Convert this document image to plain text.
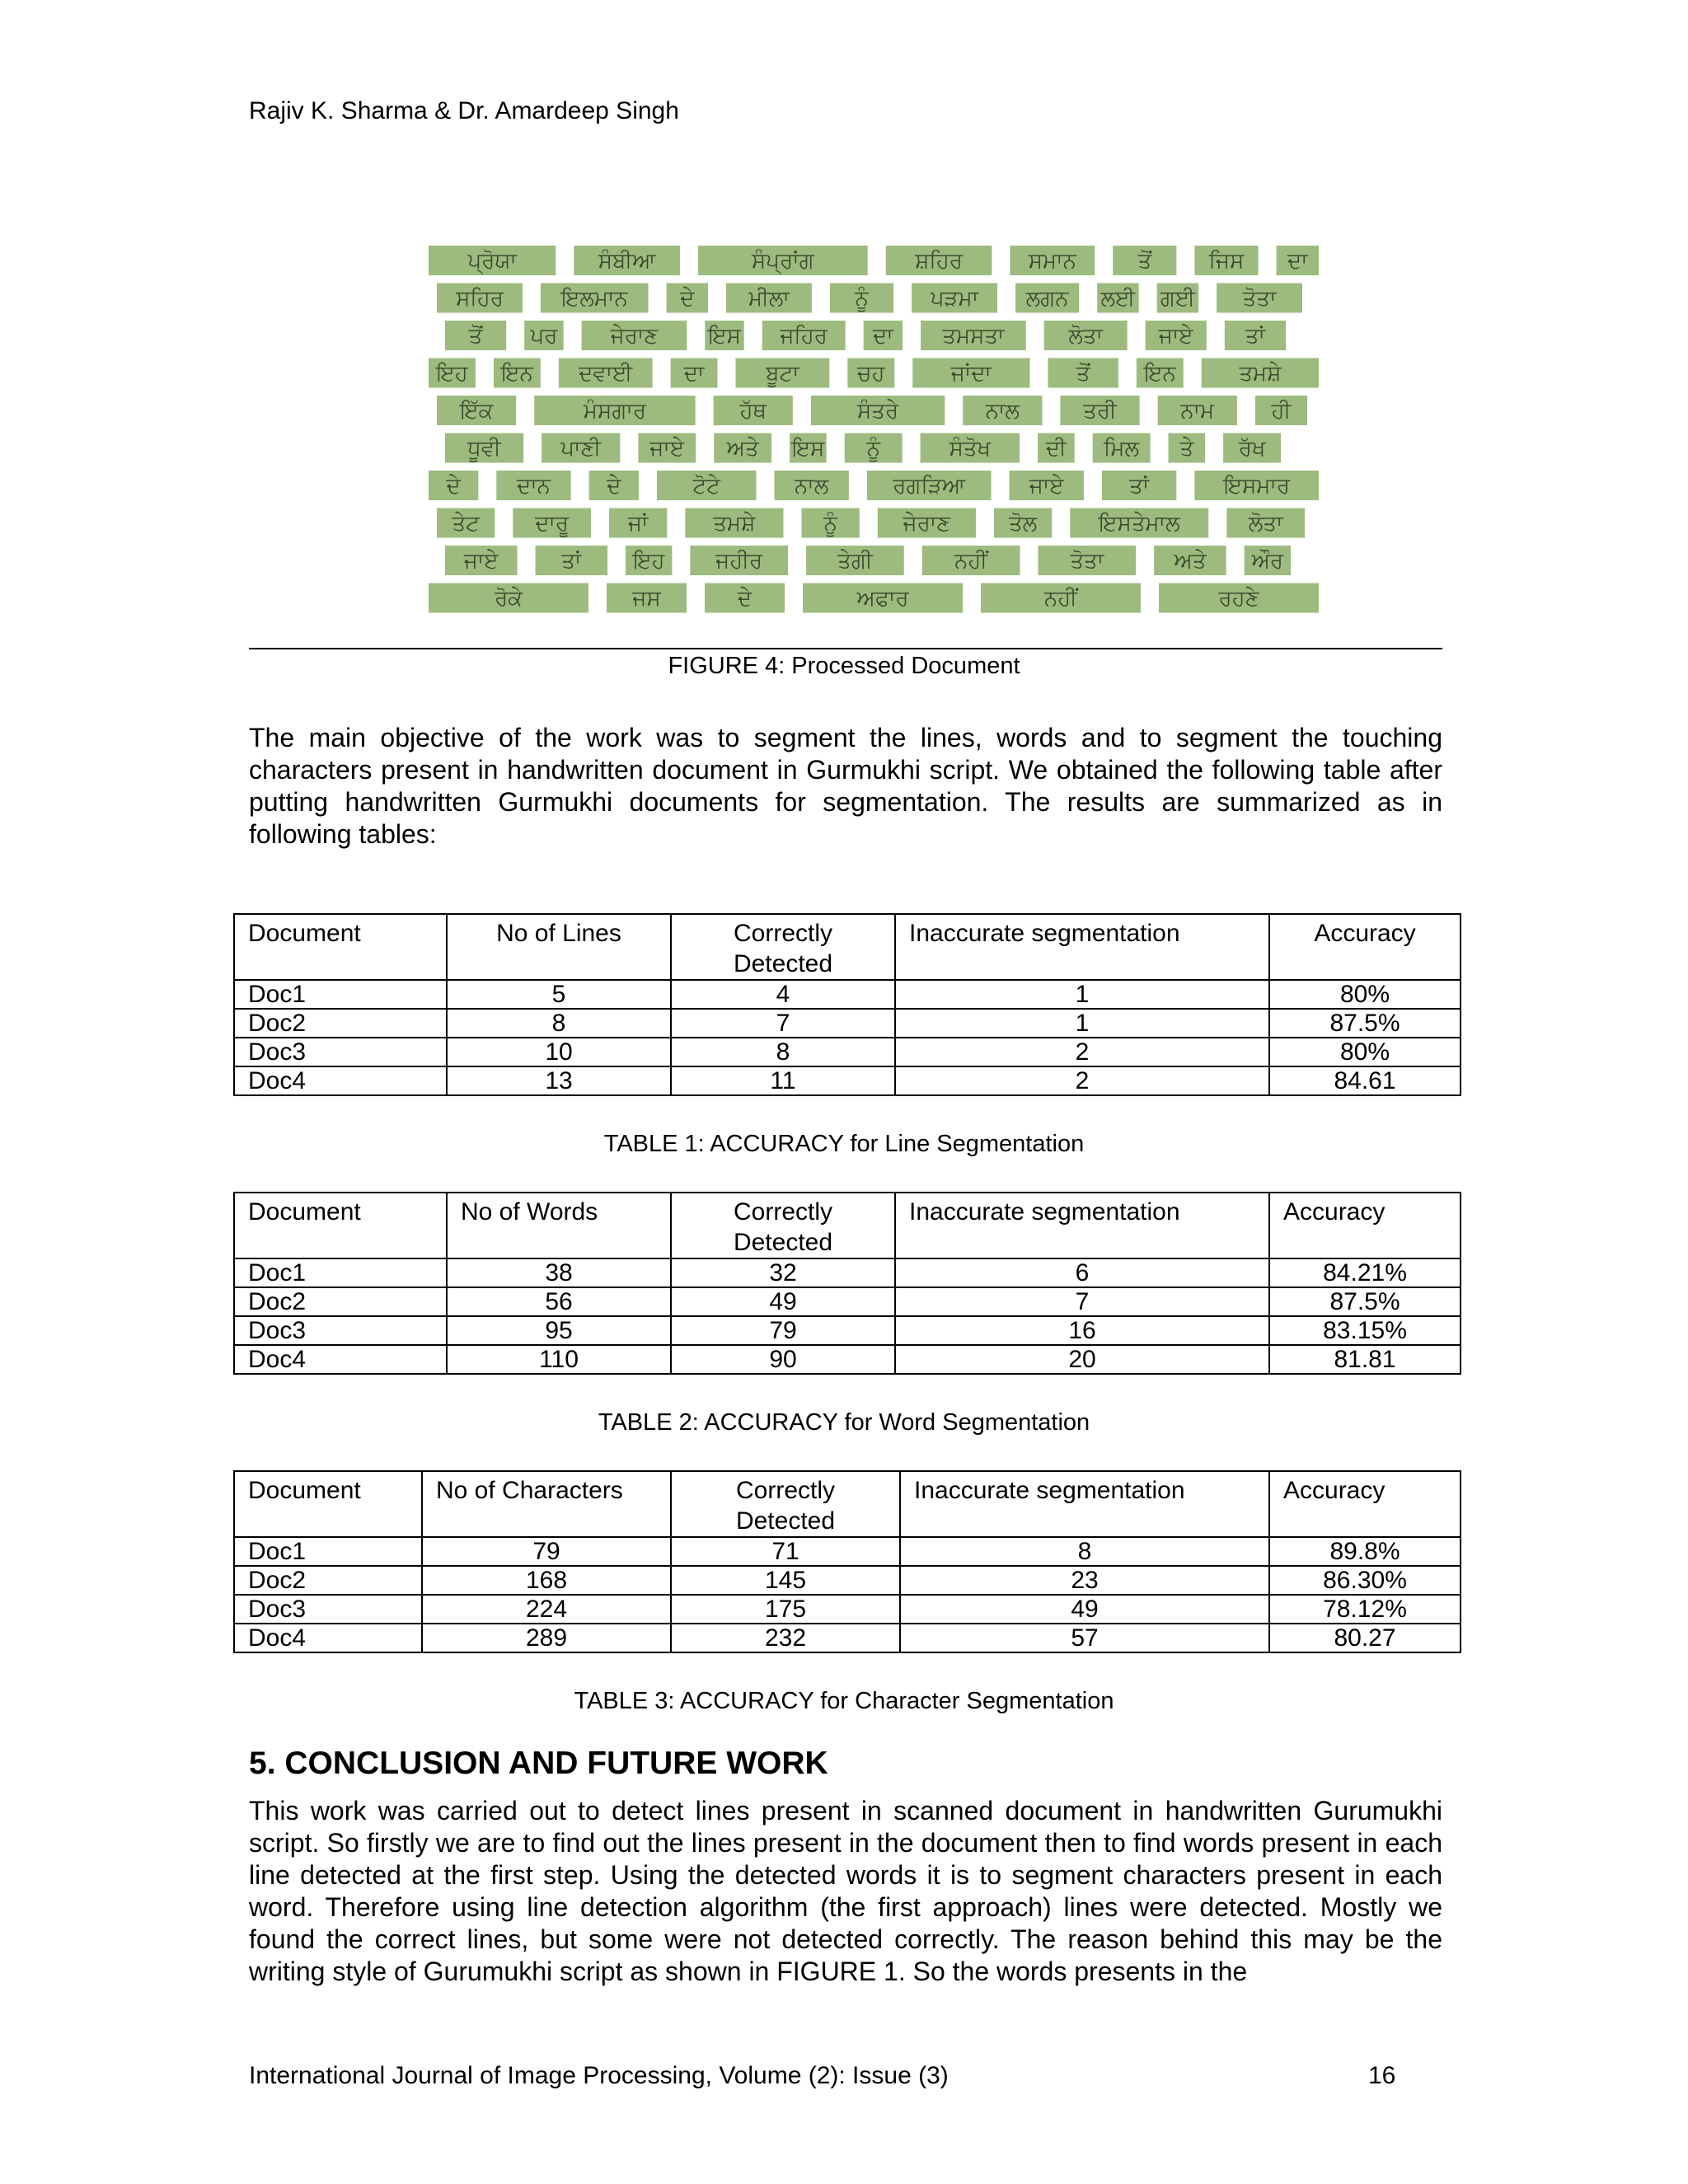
Rajiv K. Sharma & Dr. Amardeep Singh
ਪ੍ਰੋਯਾ	ਸੰਬੀਆ	ਸੰਪ੍ਰਾਂਗ	ਸ਼ਹਿਰ	ਸਮਾਨ	ਤੋਂ	ਜਿਸ ਦਾ
ਸਹਿਰ	ਇਲਮਾਨ ਦੇ	ਮੀਲਾ	ਨੂੰ	ਪੜਮਾ ਲਗਨ ਲਈ ਗਈ ਤੋਤਾ
ਤੋਂ ਪਰ ਜੇਰਾਣ ਇਸ ਜਹਿਰ ਦਾ ਤਮਸਤਾ	ਲੋਤਾ	ਜਾਏ ਤਾਂ
ਇਹ ਇਨ ਦਵਾਈ ਦਾ	ਬੂਟਾ	ਚਹ	ਜਾਂਦਾ	ਤੋਂ	ਇਨ	ਤਮਸ਼ੇ
ਇੱਕ	ਮੰਸਗਾਰ	ਹੱਥ	ਸੰਤਰੇ	ਨਾਲ	ਤਰੀ	ਨਾਮ	ਹੀ
ਧੂਵੀ	ਪਾਣੀ ਜਾਏ ਅਤੇ ਇਸ ਨੂੰ	ਸੰਤੋਖ	ਦੀ ਮਿਲ ਤੇ ਰੱਖ
ਦੇ	ਦਾਨ	ਦੇ	ਟੋਟੇ	ਨਾਲ	ਰਗੜਿਆ	ਜਾਏ	ਤਾਂ	ਇਸਮਾਰ
ਤੇਟ	ਦਾਰੂ	ਜਾਂ	ਤਮਸ਼ੇ	ਨੂੰ	ਜੇਰਾਣ	ਤੋਲ	ਇਸਤੇਮਾਲ	ਲੋਤਾ
ਜਾਏ	ਤਾਂ ਇਹ ਜਹੀਰ	ਤੇਗੀ	ਨਹੀਂ	ਤੋਤਾ	ਅਤੇ ਔਰ
ਰੋਕੇ	ਜਸ	ਦੇ	ਅਫਾਰ	ਨਹੀਂ	ਰਹਣੇ
FIGURE 4: Processed Document
The main objective of the work was to segment the lines, words and to segment the touching characters present in handwritten document in Gurmukhi script. We obtained the following table after putting handwritten Gurmukhi documents for segmentation. The results are summarized as in following tables:
Document	No of Lines	Correctly Detected	Inaccurate segmentation	Accuracy
Doc1	5	4	1	80%
Doc2	8	7	1	87.5%
Doc3	10	8	2	80%
Doc4	13	11	2	84.61
TABLE 1: ACCURACY for Line Segmentation
Document	No of Words	Correctly Detected	Inaccurate segmentation	Accuracy
Doc1	38	32	6	84.21%
Doc2	56	49	7	87.5%
Doc3	95	79	16	83.15%
Doc4	110	90	20	81.81
TABLE 2: ACCURACY for Word Segmentation
Document	No of Characters	Correctly Detected	Inaccurate segmentation	Accuracy
Doc1	79	71	8	89.8%
Doc2	168	145	23	86.30%
Doc3	224	175	49	78.12%
Doc4	289	232	57	80.27
TABLE 3: ACCURACY for Character Segmentation
5. CONCLUSION AND FUTURE WORK
This work was carried out to detect lines present in scanned document in handwritten Gurumukhi script. So firstly we are to find out the lines present in the document then to find words present in each line detected at the first step. Using the detected words it is to segment characters present in each word. Therefore using line detection algorithm (the first approach) lines were detected. Mostly we found the correct lines, but some were not detected correctly. The reason behind this may be the writing style of Gurumukhi script as shown in FIGURE 1. So the words presents in the
International Journal of Image Processing, Volume (2): Issue (3)	16
